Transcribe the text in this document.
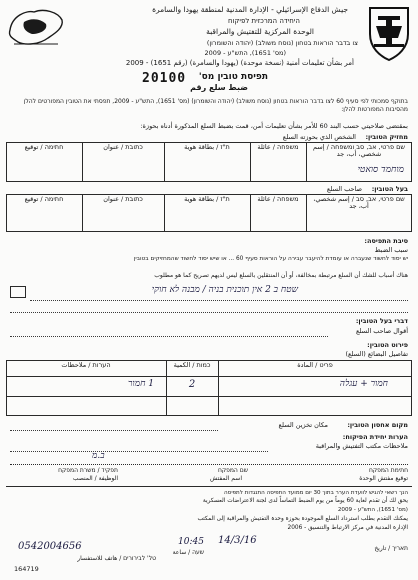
جيش الدفاع الإسرائيلي - الإدارة المدنية لمنطقة يهودا والسامرة
היחידה המרכזית לפיקוח
الوحدة المركزية للتفتيش والمراقبة
צו בדבר הוראות בטחון (נוסח משולב) (יהודה והשומרון)
(מס' 1651), התש"ע - 2009
أمر بشأن تعليمات أمنية (نسخة موحدة) (يهودا والسامرة) (رقم 1651) - 2009
תפיסת טובין מס'
20100
ضبط سلع رقم
בתוקף סמכותי לפי סעיף 60 לצו בדבר הוראות בטחון (נוסח משולב) (יהודה והשומרון) (מס' 1651), התש"ע - 2009, תפסתי את הטובין המפורטים להלן מהסיבות המפורטות להלן:
بمقتضى صلاحيتي حسب البند 60 للأمر بشأن تعليمات أمن، قمت بضبط السلع المذكورة أدناه بحوزة:
מחזיק הטובין:
الشخص الذي بحوزته السلع
שם פרטי, אב, סב ומשפחה / إسم شخصي، أب، جد
משפחה / عائلة
ת"ז / بطاقة هوية
כתובת / عنوان
חתימה / توقيع
מוחמד סואטי
בעל הטובין:
صاحب السلع
שם פרטי, אב, סב / إسم شخصي، أب، جد
משפחה / عائلة
ת"ז / بطاقة هوية
כתובת / عنوان
חתימה / توقيع
סיבת התפיסה:
سبب الضبط
יש יסוד לחשוד שנעברה או עומדת להיעבר עבירה על הוראות סעיף 60 ... או שיש יסוד לחשוד שהמחזיקים בטובין
هناك أسباب للشك أن السلع مرتبطة بمخالفة، أو أن المنتقلين بالسلع ليس لديهم تصريح كما هو مطلوب
שטח ב 2 אין תוכנית בניה / מבנה לא חוקי
דברי בעל הטובין:
أقوال صاحب السلع
פירוט הטובין:
تفاصيل البضائع (السلع)
פריט / المادة
כמות / الكمية
הערות / ملاحظات
חמור + עגלה
2
1 חמור
מקום אחסון הטובין:
مكان تخزين السلع
הערות יחידת הפיקוח:
ملاحظات مكتب التفتيش والمراقبة
ב.מ
חתימת המפקח
توقيع مفتش الوحدة
שם המפקח
اسم المفتش
תפקיד / משרת המפקח
الوظيفة / المنصب
הנך רשאי להגיש לוועדת הערר בתוך 30 יום ממועד התפיסה התנגדות לתפיסה
يحق لك أن تقدم لغاية 60 يوماً من يوم الضبط التماساً لدى لجنة الاعتراضات العسكرية
(מס' 1651), התש"ע - 2009
يمكنك التقدم بطلب استرداد السلع الموجودة بحوزة وحدة التفتيش والمراقبة إلى المكتب
الإدارة المدنية في مركز الارتباط والتنسيق - 2006
14/3/16
תאריך / تاريخ
10:45
שעה / ساعة
0542004656
טל' לבירורים / هاتف للاستفسار
164719
